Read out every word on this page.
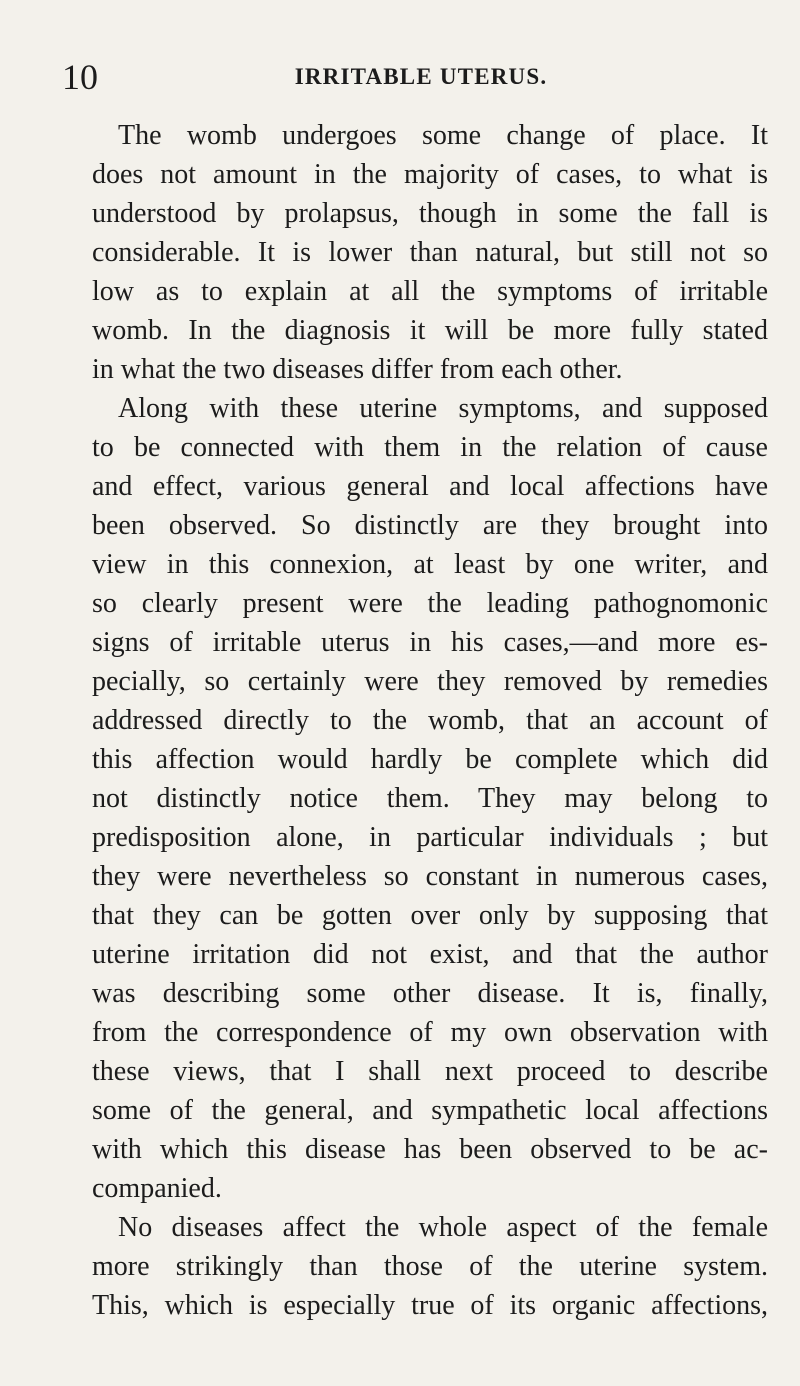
10	IRRITABLE UTERUS.
The womb undergoes some change of place. It
does not amount in the majority of cases, to what is
understood by prolapsus, though in some the fall is
considerable. It is lower than natural, but still not so
low as to explain at all the symptoms of irritable
womb. In the diagnosis it will be more fully stated
in what the two diseases differ from each other.
Along with these uterine symptoms, and supposed
to be connected with them in the relation of cause
and effect, various general and local affections have
been observed. So distinctly are they brought into
view in this connexion, at least by one writer, and
so clearly present were the leading pathognomonic
signs of irritable uterus in his cases,—and more es-
pecially, so certainly were they removed by remedies
addressed directly to the womb, that an account of
this affection would hardly be complete which did
not distinctly notice them. They may belong to
predisposition alone, in particular individuals ; but
they were nevertheless so constant in numerous cases,
that they can be gotten over only by supposing that
uterine irritation did not exist, and that the author
was describing some other disease. It is, finally,
from the correspondence of my own observation with
these views, that I shall next proceed to describe
some of the general, and sympathetic local affections
with which this disease has been observed to be ac-
companied.
No diseases affect the whole aspect of the female
more strikingly than those of the uterine system.
This, which is especially true of its organic affections,
